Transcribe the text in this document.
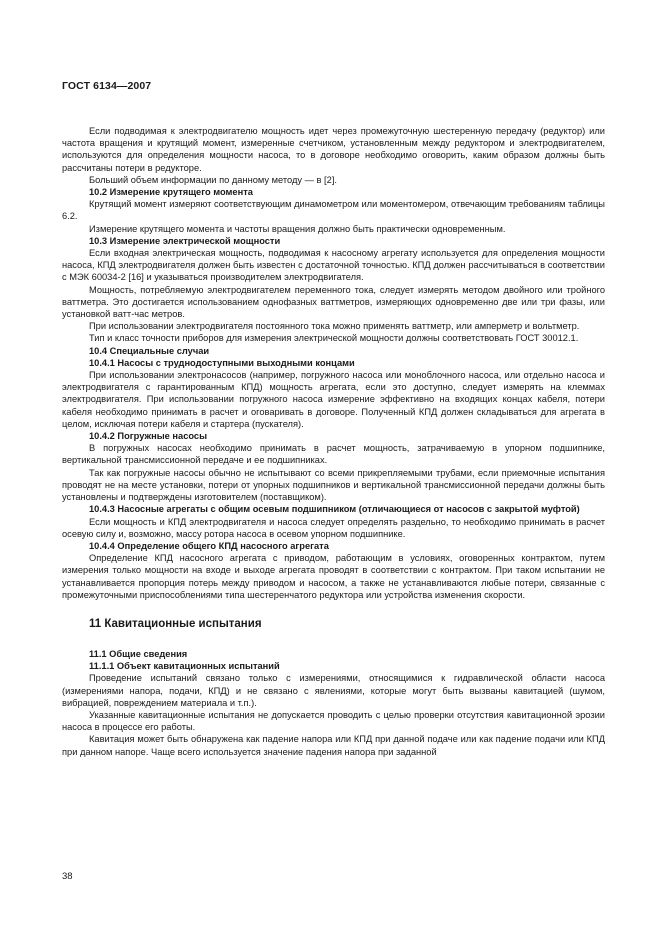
ГОСТ 6134—2007

Если подводимая к электродвигателю мощность идет через промежуточную шестеренную передачу (редуктор) или частота вращения и крутящий момент, измеренные счетчиком, установленным между редуктором и электродвигателем, используются для определения мощности насоса, то в договоре необходимо оговорить, каким образом должны быть рассчитаны потери в редукторе.

Больший объем информации по данному методу — в [2].

10.2 Измерение крутящего момента

Крутящий момент измеряют соответствующим динамометром или моментомером, отвечающим требованиям таблицы 6.2.

Измерение крутящего момента и частоты вращения должно быть практически одновременным.

10.3 Измерение электрической мощности

Если входная электрическая мощность, подводимая к насосному агрегату используется для определения мощности насоса, КПД электродвигателя должен быть известен с достаточной точностью. КПД должен рассчитываться в соответствии с МЭК 60034-2 [16] и указываться производителем электродвигателя.

Мощность, потребляемую электродвигателем переменного тока, следует измерять методом двойного или тройного ваттметра. Это достигается использованием однофазных ваттметров, измеряющих одновременно две или три фазы, или установкой ватт-час метров.

При использовании электродвигателя постоянного тока можно применять ваттметр, или амперметр и вольтметр.

Тип и класс точности приборов для измерения электрической мощности должны соответствовать ГОСТ 30012.1.

10.4 Специальные случаи

10.4.1 Насосы с труднодоступными выходными концами

При использовании электронасосов (например, погружного насоса или моноблочного насоса, или отдельно насоса и электродвигателя с гарантированным КПД) мощность агрегата, если это доступно, следует измерять на клеммах электродвигателя. При использовании погружного насоса измерение эффективно на входящих концах кабеля, потери кабеля необходимо принимать в расчет и оговаривать в договоре. Полученный КПД должен складываться для агрегата в целом, исключая потери кабеля и стартера (пускателя).

10.4.2 Погружные насосы

В погружных насосах необходимо принимать в расчет мощность, затрачиваемую в упорном подшипнике, вертикальной трансмиссионной передаче и ее подшипниках.

Так как погружные насосы обычно не испытывают со всеми прикрепляемыми трубами, если приемочные испытания проводят не на месте установки, потери от упорных подшипников и вертикальной трансмиссионной передачи должны быть установлены и подтверждены изготовителем (поставщиком).

10.4.3 Насосные агрегаты с общим осевым подшипником (отличающиеся от насосов с закрытой муфтой)

Если мощность и КПД электродвигателя и насоса следует определять раздельно, то необходимо принимать в расчет осевую силу и, возможно, массу ротора насоса в осевом упорном подшипнике.

10.4.4 Определение общего КПД насосного агрегата

Определение КПД насосного агрегата с приводом, работающим в условиях, оговоренных контрактом, путем измерения только мощности на входе и выходе агрегата проводят в соответствии с контрактом. При таком испытании не устанавливается пропорция потерь между приводом и насосом, а также не устанавливаются любые потери, связанные с промежуточными приспособлениями типа шестеренчатого редуктора или устройства изменения скорости.

11 Кавитационные испытания

11.1 Общие сведения

11.1.1 Объект кавитационных испытаний

Проведение испытаний связано только с измерениями, относящимися к гидравлической области насоса (измерениями напора, подачи, КПД) и не связано с явлениями, которые могут быть вызваны кавитацией (шумом, вибрацией, повреждением материала и т.п.).

Указанные кавитационные испытания не допускается проводить с целью проверки отсутствия кавитационной эрозии насоса в процессе его работы.

Кавитация может быть обнаружена как падение напора или КПД при данной подаче или как падение подачи или КПД при данном напоре. Чаще всего используется значение падения напора при заданной

38
